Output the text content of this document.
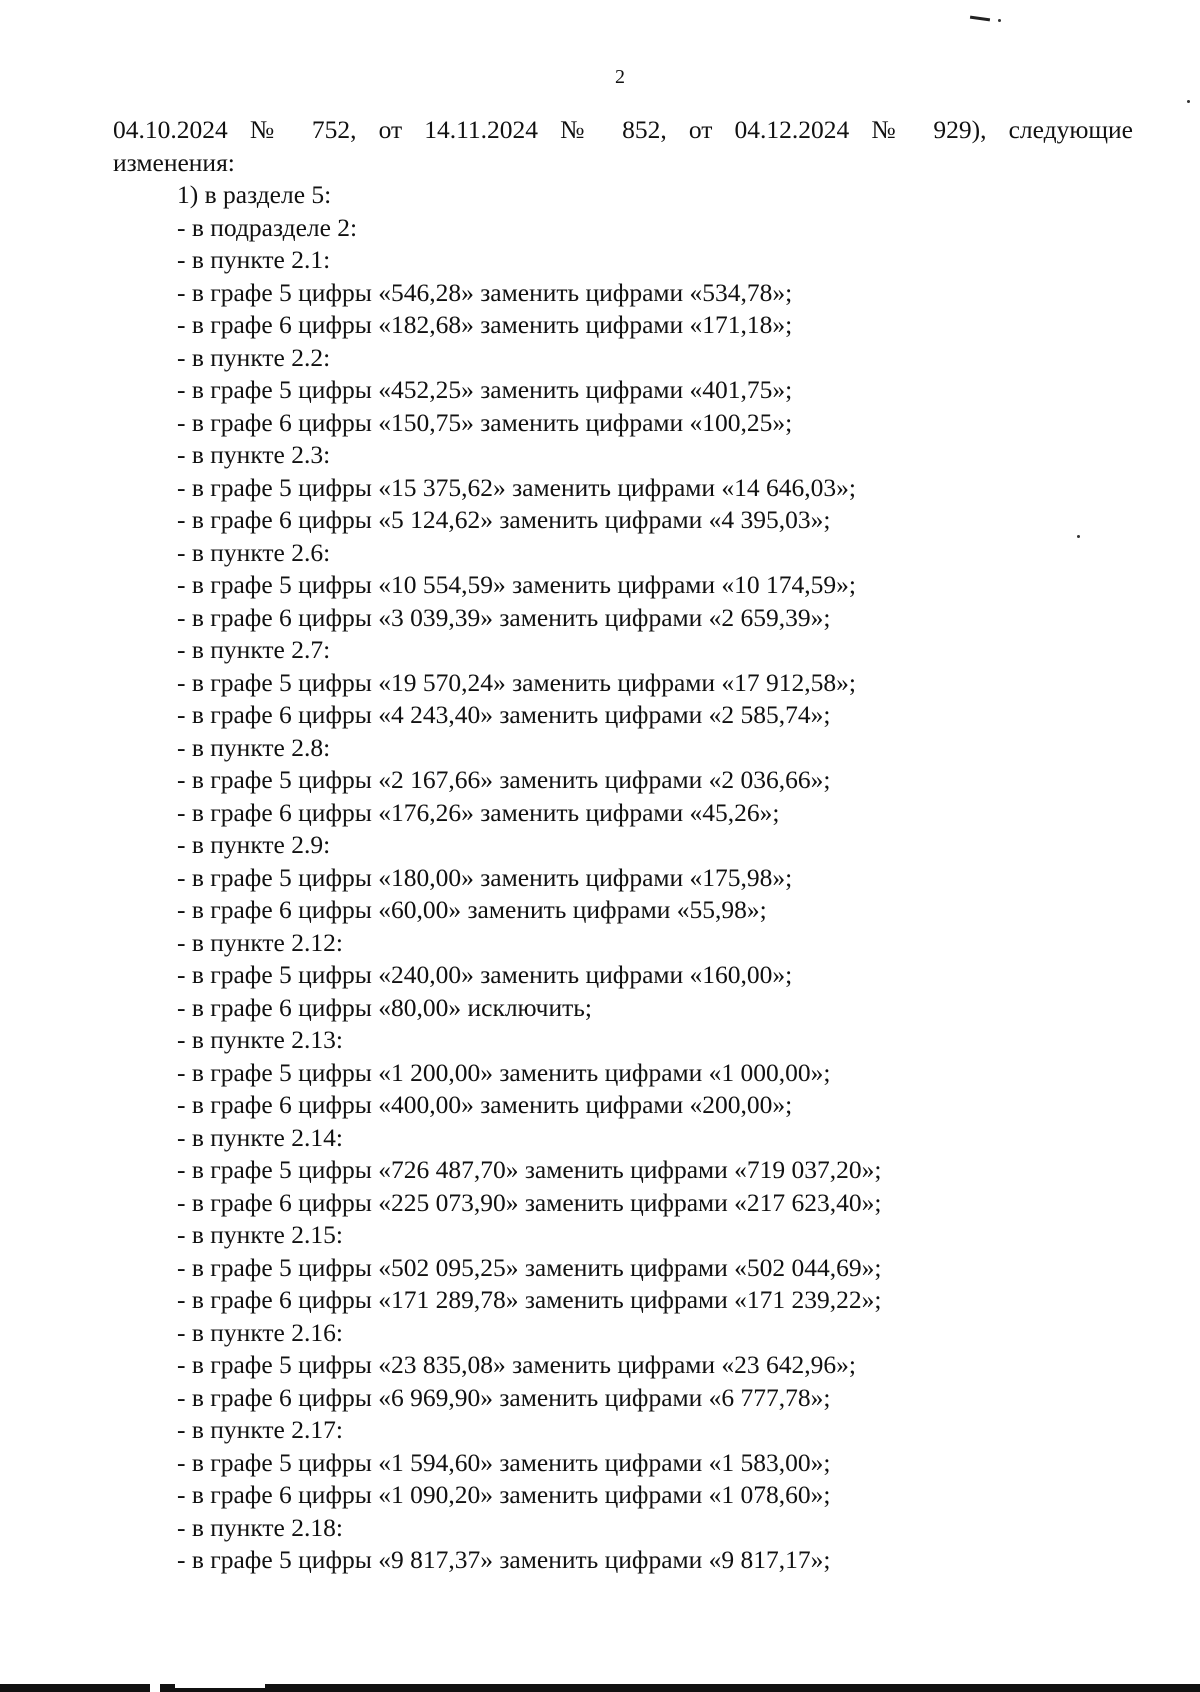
2
04.10.2024 № 752, от 14.11.2024 № 852, от 04.12.2024 № 929), следующие
изменения:
1) в разделе 5:
- в подразделе 2:
- в пункте 2.1:
- в графе 5 цифры «546,28» заменить цифрами «534,78»;
- в графе 6 цифры «182,68» заменить цифрами «171,18»;
- в пункте 2.2:
- в графе 5 цифры «452,25» заменить цифрами «401,75»;
- в графе 6 цифры «150,75» заменить цифрами «100,25»;
- в пункте 2.3:
- в графе 5 цифры «15 375,62» заменить цифрами «14 646,03»;
- в графе 6 цифры «5 124,62» заменить цифрами «4 395,03»;
- в пункте 2.6:
- в графе 5 цифры «10 554,59» заменить цифрами «10 174,59»;
- в графе 6 цифры «3 039,39» заменить цифрами «2 659,39»;
- в пункте 2.7:
- в графе 5 цифры «19 570,24» заменить цифрами «17 912,58»;
- в графе 6 цифры «4 243,40» заменить цифрами «2 585,74»;
- в пункте 2.8:
- в графе 5 цифры «2 167,66» заменить цифрами «2 036,66»;
- в графе 6 цифры «176,26» заменить цифрами «45,26»;
- в пункте 2.9:
- в графе 5 цифры «180,00» заменить цифрами «175,98»;
- в графе 6 цифры «60,00» заменить цифрами «55,98»;
- в пункте 2.12:
- в графе 5 цифры «240,00» заменить цифрами «160,00»;
- в графе 6 цифры «80,00» исключить;
- в пункте 2.13:
- в графе 5 цифры «1 200,00» заменить цифрами «1 000,00»;
- в графе 6 цифры «400,00» заменить цифрами «200,00»;
- в пункте 2.14:
- в графе 5 цифры «726 487,70» заменить цифрами «719 037,20»;
- в графе 6 цифры «225 073,90» заменить цифрами «217 623,40»;
- в пункте 2.15:
- в графе 5 цифры «502 095,25» заменить цифрами «502 044,69»;
- в графе 6 цифры «171 289,78» заменить цифрами «171 239,22»;
- в пункте 2.16:
- в графе 5 цифры «23 835,08» заменить цифрами «23 642,96»;
- в графе 6 цифры «6 969,90» заменить цифрами «6 777,78»;
- в пункте 2.17:
- в графе 5 цифры «1 594,60» заменить цифрами «1 583,00»;
- в графе 6 цифры «1 090,20» заменить цифрами «1 078,60»;
- в пункте 2.18:
- в графе 5 цифры «9 817,37» заменить цифрами «9 817,17»;
